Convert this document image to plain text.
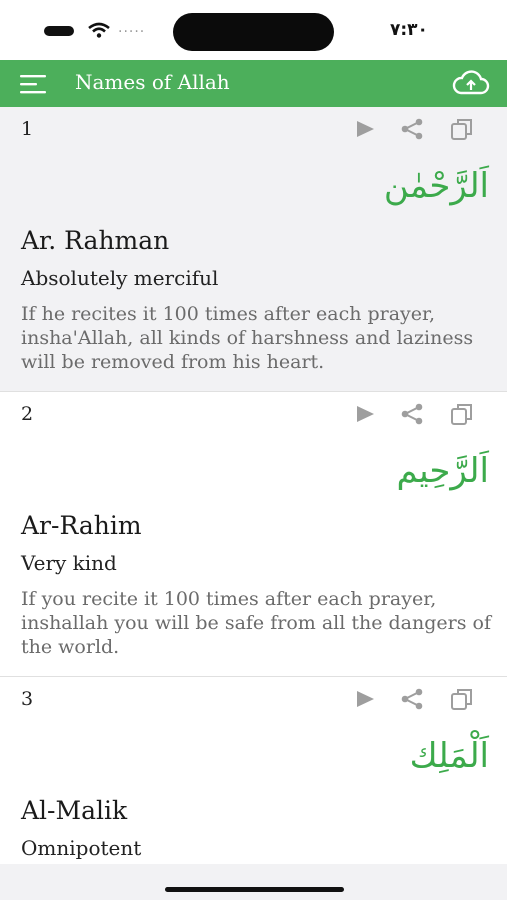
.....	٧:٣٠
Names of Allah
1
اَلرَّحْمٰن
Ar. Rahman
Absolutely merciful
If he recites it 100 times after each prayer, insha'Allah, all kinds of harshness and laziness will be removed from his heart.
2
اَلرَّحِيم
Ar-Rahim
Very kind
If you recite it 100 times after each prayer, inshallah you will be safe from all the dangers of the world.
3
اَلْمَلِك
Al-Malik
Omnipotent
